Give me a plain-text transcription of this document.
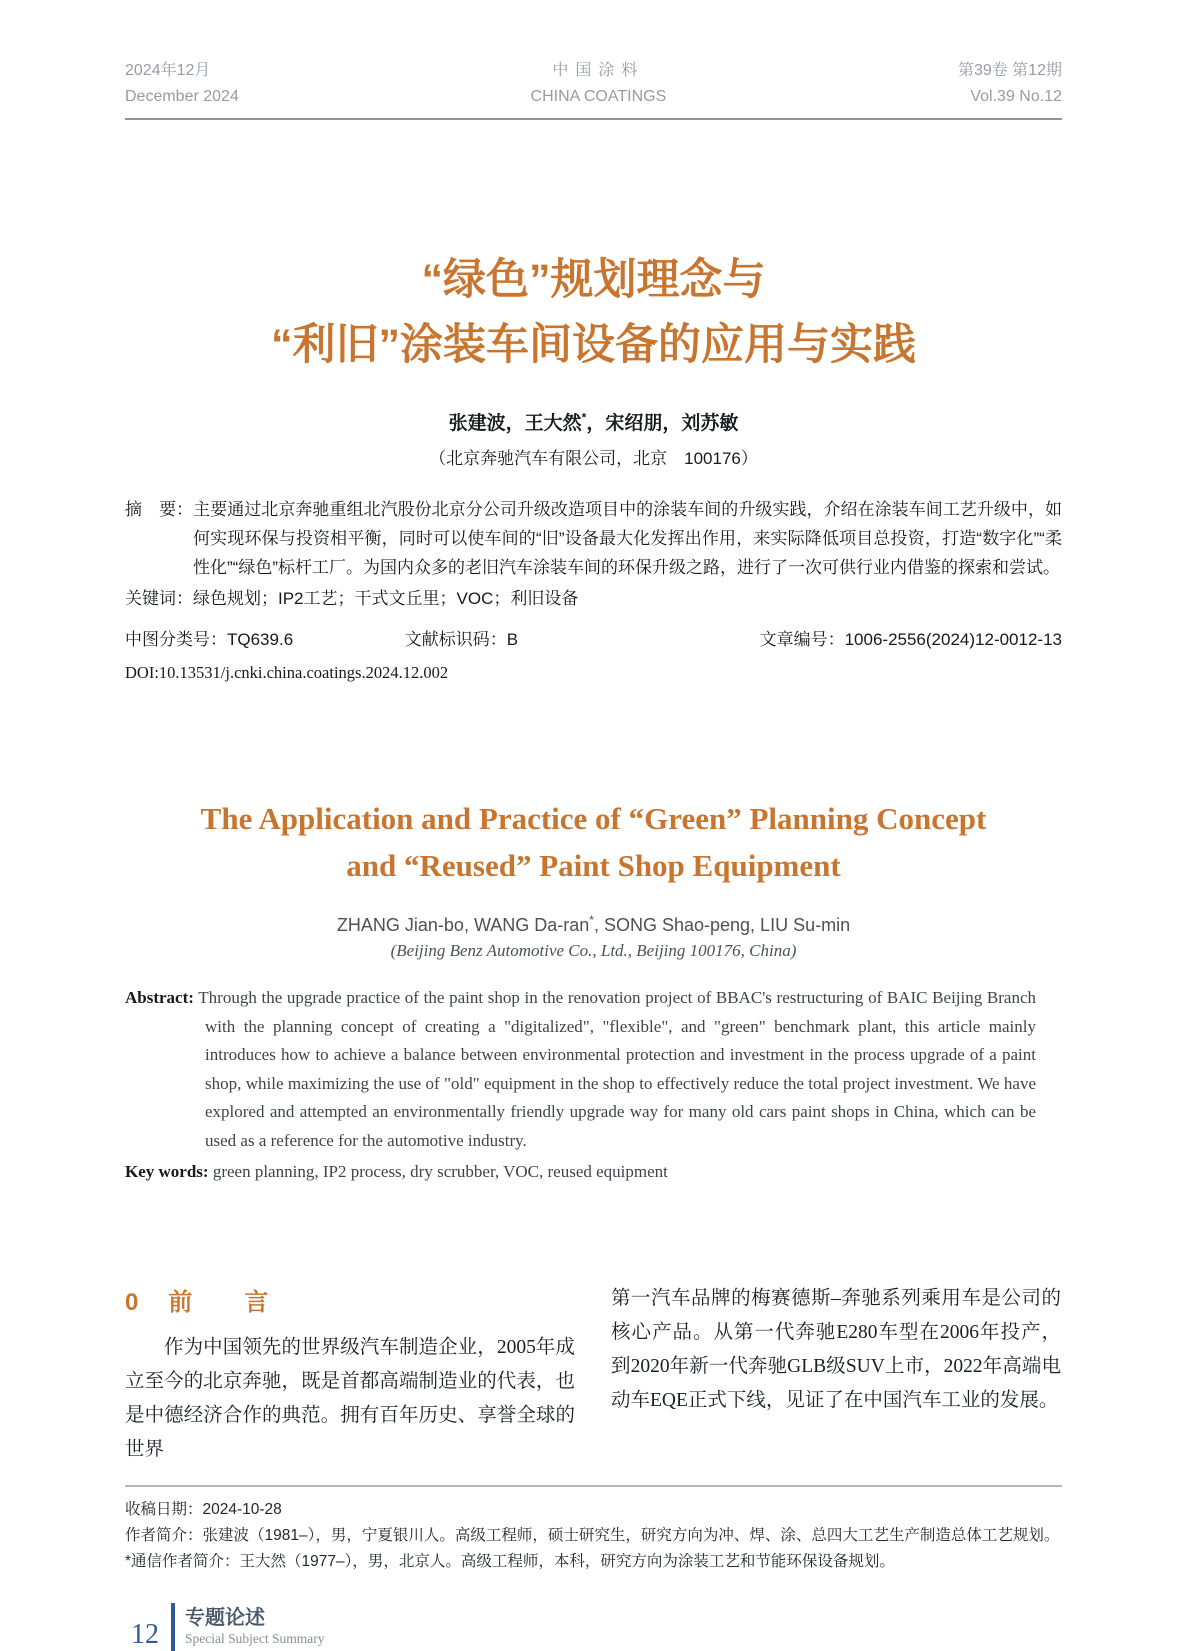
2024年12月
December 2024
中国涂料
CHINA COATINGS
第39卷 第12期
Vol.39 No.12
“绿色”规划理念与
“利旧”涂装车间设备的应用与实践
张建波，王大然*，宋绍朋，刘苏敏
（北京奔驰汽车有限公司，北京　100176）

摘　要：主要通过北京奔驰重组北汽股份北京分公司升级改造项目中的涂装车间的升级实践，介绍在涂装车间工艺升级中，如何实现环保与投资相平衡，同时可以使车间的“旧”设备最大化发挥出作用，来实际降低项目总投资，打造“数字化”“柔性化”“绿色”标杆工厂。为国内众多的老旧汽车涂装车间的环保升级之路，进行了一次可供行业内借鉴的探索和尝试。

关键词：绿色规划；IP2工艺；干式文丘里；VOC；利旧设备

中图分类号：TQ639.6	文献标识码：B	文章编号：1006-2556(2024)12-0012-13
DOI:10.13531/j.cnki.china.coatings.2024.12.002
The Application and Practice of “Green” Planning Concept
and “Reused” Paint Shop Equipment
ZHANG Jian-bo, WANG Da-ran*, SONG Shao-peng, LIU Su-min
(Beijing Benz Automotive Co., Ltd., Beijing 100176, China)

Abstract: Through the upgrade practice of the paint shop in the renovation project of BBAC's restructuring of BAIC Beijing Branch with the planning concept of creating a "digitalized", "flexible", and "green" benchmark plant, this article mainly introduces how to achieve a balance between environmental protection and investment in the process upgrade of a paint shop, while maximizing the use of "old" equipment in the shop to effectively reduce the total project investment. We have explored and attempted an environmentally friendly upgrade way for many old cars paint shops in China, which can be used as a reference for the automotive industry.

Key words: green planning, IP2 process, dry scrubber, VOC, reused equipment

0 前　言

作为中国领先的世界级汽车制造企业，2005年成立至今的北京奔驰，既是首都高端制造业的代表，也是中德经济合作的典范。拥有百年历史、享誉全球的世界

第一汽车品牌的梅赛德斯–奔驰系列乘用车是公司的核心产品。从第一代奔驰E280车型在2006年投产，到2020年新一代奔驰GLB级SUV上市，2022年高端电动车EQE正式下线，见证了在中国汽车工业的发展。

收稿日期：2024-10-28
作者简介：张建波（1981–），男，宁夏银川人。高级工程师，硕士研究生，研究方向为冲、焊、涂、总四大工艺生产制造总体工艺规划。
*通信作者简介：王大然（1977–），男，北京人。高级工程师，本科，研究方向为涂装工艺和节能环保设备规划。
12
专题论述
Special Subject Summary
